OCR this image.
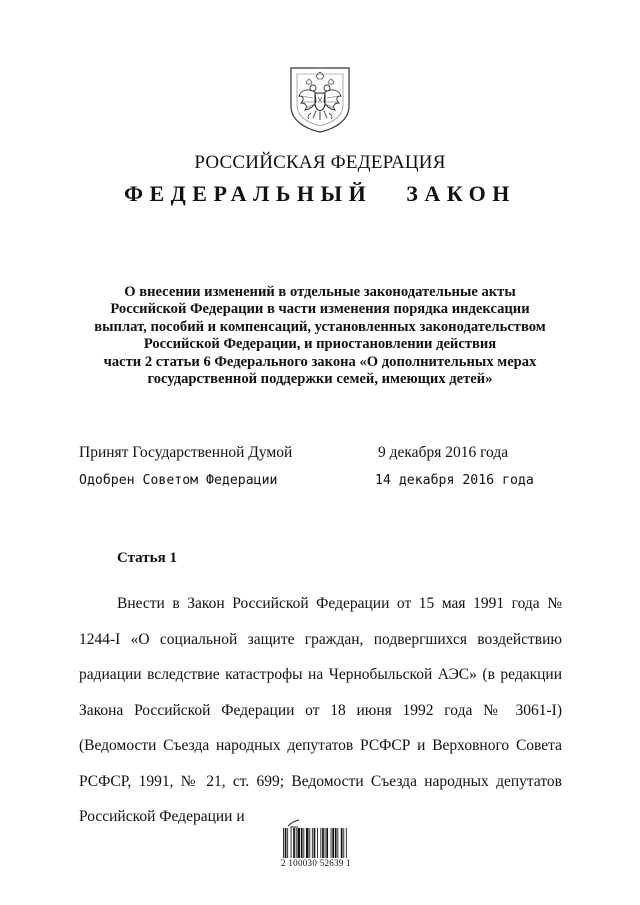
РОССИЙСКАЯ ФЕДЕРАЦИЯ
ФЕДЕРАЛЬНЫЙ ЗАКОН
О внесении изменений в отдельные законодательные акты
Российской Федерации в части изменения порядка индексации
выплат, пособий и компенсаций, установленных законодательством
Российской Федерации, и приостановлении действия
части 2 статьи 6 Федерального закона «О дополнительных мерах
государственной поддержки семей, имеющих детей»
Принят Государственной Думой	9 декабря 2016 года
Одобрен Советом Федерации	14 декабря 2016 года
Статья 1

Внести в Закон Российской Федерации от 15 мая 1991 года № 1244-I «О социальной защите граждан, подвергшихся воздействию радиации вследствие катастрофы на Чернобыльской АЭС» (в редакции Закона Российской Федерации от 18 июня 1992 года № 3061-I) (Ведомости Съезда народных депутатов РСФСР и Верховного Совета РСФСР, 1991, № 21, ст. 699; Ведомости Съезда народных депутатов Российской Федерации и

2 100030 52639 1
